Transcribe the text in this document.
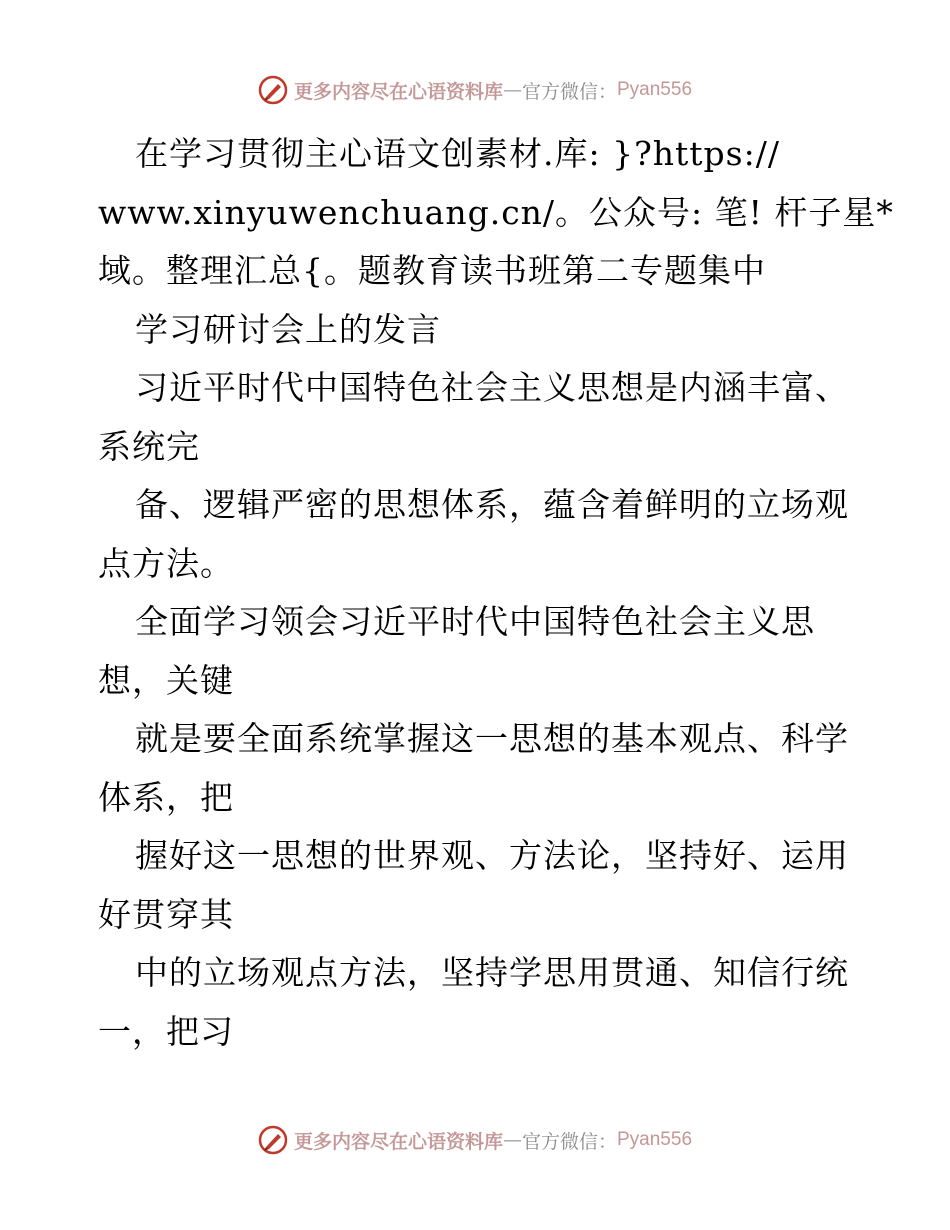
更多内容尽在心语资料库 — 官方微信： Pyan556
在学习贯彻主心语文创素材.库: }?https://
www.xinyuwenchuang.cn/。公众号: 笔! 杆子星*
域。整理汇总{。题教育读书班第二专题集中
学习研讨会上的发言
习近平时代中国特色社会主义思想是内涵丰富、
系统完
备、逻辑严密的思想体系，蕴含着鲜明的立场观
点方法。
全面学习领会习近平时代中国特色社会主义思
想，关键
就是要全面系统掌握这一思想的基本观点、科学
体系，把
握好这一思想的世界观、方法论，坚持好、运用
好贯穿其
中的立场观点方法，坚持学思用贯通、知信行统
一，把习
更多内容尽在心语资料库 — 官方微信： Pyan556
